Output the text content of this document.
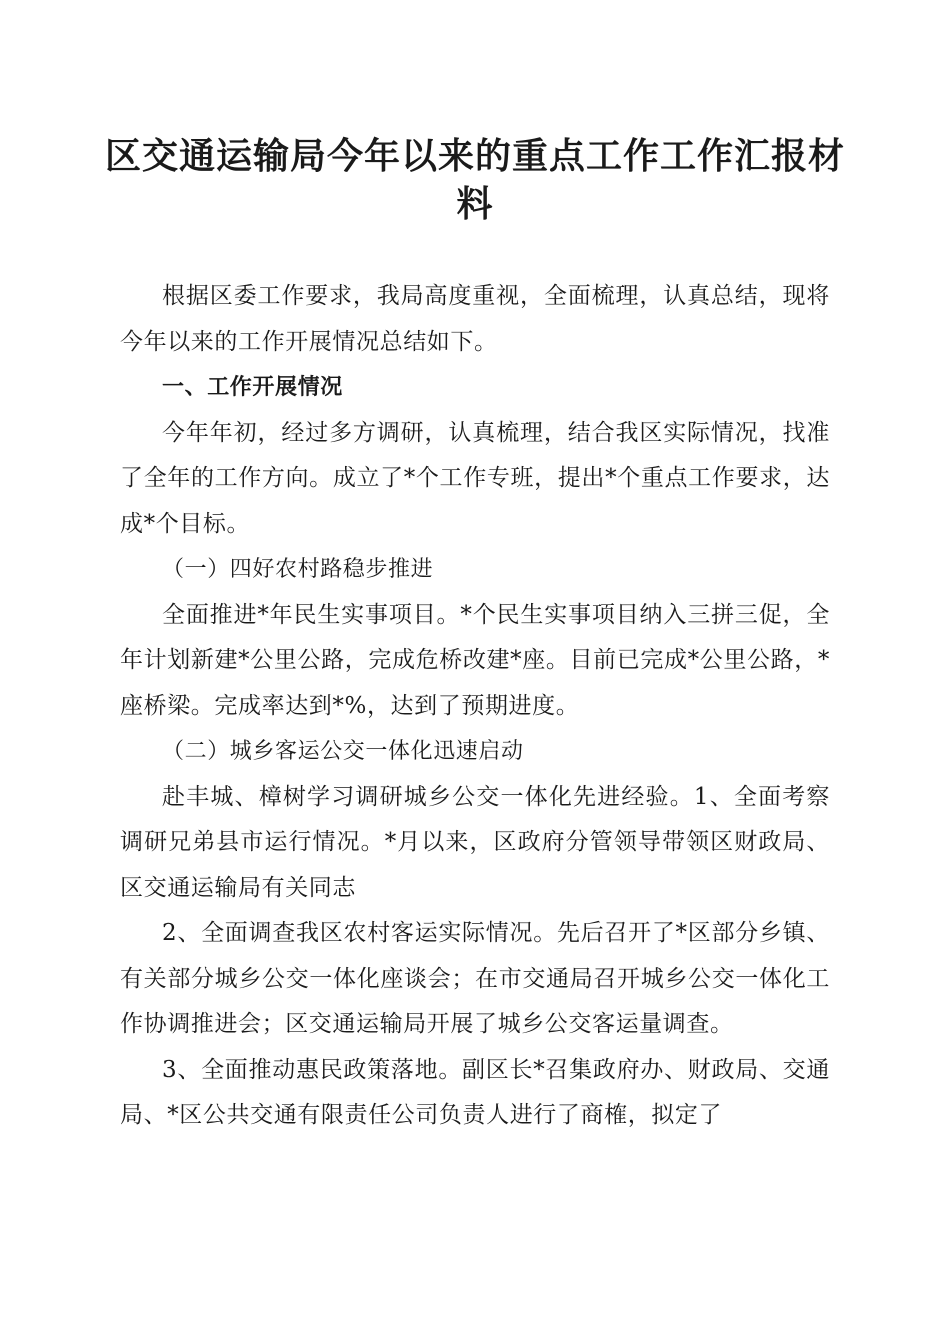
区交通运输局今年以来的重点工作工作汇报材
料

根据区委工作要求，我局高度重视，全面梳理，认真总结，现将今年以来的工作开展情况总结如下。

一、工作开展情况

今年年初，经过多方调研，认真梳理，结合我区实际情况，找准了全年的工作方向。成立了*个工作专班，提出*个重点工作要求，达成*个目标。

（一）四好农村路稳步推进

全面推进*年民生实事项目。*个民生实事项目纳入三拼三促，全年计划新建*公里公路，完成危桥改建*座。目前已完成*公里公路，*座桥梁。完成率达到*%，达到了预期进度。

（二）城乡客运公交一体化迅速启动

赴丰城、樟树学习调研城乡公交一体化先进经验。1、全面考察调研兄弟县市运行情况。*月以来，区政府分管领导带领区财政局、区交通运输局有关同志

2、全面调查我区农村客运实际情况。先后召开了*区部分乡镇、有关部分城乡公交一体化座谈会；在市交通局召开城乡公交一体化工作协调推进会；区交通运输局开展了城乡公交客运量调查。

3、全面推动惠民政策落地。副区长*召集政府办、财政局、交通局、*区公共交通有限责任公司负责人进行了商榷，拟定了
